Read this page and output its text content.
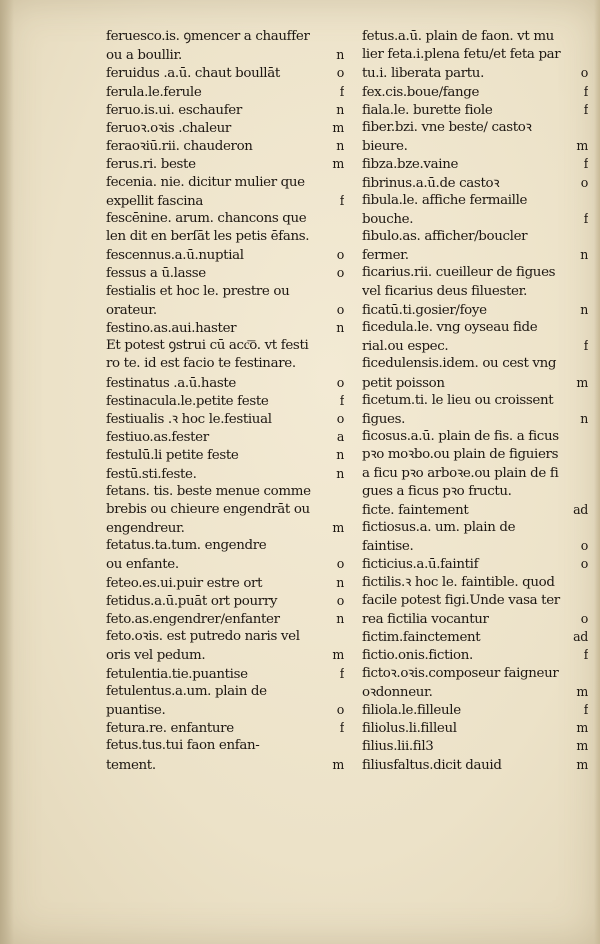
feruesco.is. ꝯmencer a chauffer
ou a boullir.	n
feruidus .a.ū. chaut boullāt	o
ferula.le.ferule	f
feruo.is.ui. eschaufer	n
feruoꝛ.oꝛis .chaleur	m
feraoꝛiū.rii. chauderon	n
ferus.ri. beste	m
fecenia. nie. dicitur mulier que
expellit fascina	f
fescēnine. arum. chancons que
len dit en berſāt les petis ēfans.
fescennus.a.ū.nuptial	o
fessus a ū.lasse	o
festialis et hoc le. prestre ou
orateur.	o
festino.as.aui.haster	n
Et potest ꝯstrui cū acc͞o. vt festi
ro te. id est facio te festinare.
festinatus .a.ū.haste	o
festinacula.le.petite feste	f
festiualis .ꝛ hoc le.festiual	o
festiuo.as.fester	a
festulū.li petite feste	n
festū.sti.feste.	n
fetans. tis. beste menue comme
brebis ou chieure engendrāt ou
engendreur.	m
fetatus.ta.tum. engendre
ou enfante.	o
feteo.es.ui.puir estre ort	n
fetidus.a.ū.puāt ort pourry	o
feto.as.engendrer/enfanter	n
feto.oꝛis. est putredo naris vel
oris vel pedum.	m
fetulentia.tie.puantise	f
fetulentus.a.um. plain de
puantise.	o
fetura.re. enfanture	f
fetus.tus.tui faon enfan-
tement.	m
fetus.a.ū. plain de faon. vt mu
lier feta.i.plena fetu/et feta par
tu.i. liberata partu.	o
fex.cis.boue/fange	f
fiala.le. burette fiole	f
fiber.bzi. vne beste/ castoꝛ
bieure.	m
fibza.bze.vaine	f
fibrinus.a.ū.de castoꝛ	o
fibula.le. affiche fermaille
bouche.	f
fibulo.as. afficher/boucler
fermer.	n
ficarius.rii. cueilleur de figues
vel ficarius deus filuester.
ficatū.ti.gosier/foye	n
ficedula.le. vng oyseau fide
rial.ou espec.	f
ficedulensis.idem. ou cest vng
petit poisson	m
ficetum.ti. le lieu ou croissent
figues.	n
ficosus.a.ū. plain de fis. a ficus
pꝛo moꝛbo.ou plain de figuiers
a ficu pꝛo arboꝛe.ou plain de fi
gues a ficus pꝛo fructu.
ficte. faintement	ad
fictiosus.a. um. plain de
faintise.	o
ficticius.a.ū.faintif	o
fictilis.ꝛ hoc le. faintible. quod
facile potest figi.Unde vasa ter
rea fictilia vocantur	o
fictim.fainctement	ad
fictio.onis.fiction.	f
fictoꝛ.oꝛis.composeur faigneur
oꝛdonneur.	m
filiola.le.filleule	f
filiolus.li.filleul	m
filius.lii.fil3	m
filiusfaltus.dicit dauid	m
